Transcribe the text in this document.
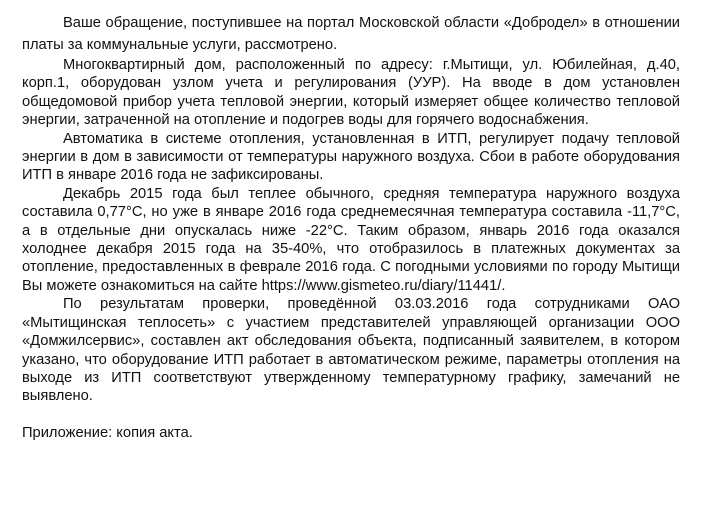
Ваше обращение, поступившее на портал Московской области «Добродел» в отношении платы за коммунальные услуги, рассмотрено.

Многоквартирный дом, расположенный по адресу: г.Мытищи, ул. Юбилейная, д.40, корп.1, оборудован узлом учета и регулирования (УУР). На вводе в дом установлен общедомовой прибор учета тепловой энергии, который измеряет общее количество тепловой энергии, затраченной на отопление и подогрев воды для горячего водоснабжения.

Автоматика в системе отопления, установленная в ИТП, регулирует подачу тепловой энергии в дом в зависимости от температуры наружного воздуха. Сбои в работе оборудования ИТП в январе 2016 года не зафиксированы.

Декабрь 2015 года был теплее обычного, средняя температура наружного воздуха составила 0,77°С, но уже в январе 2016 года среднемесячная температура составила -11,7°С, а в отдельные дни опускалась ниже -22°С. Таким образом, январь 2016 года оказался холоднее декабря 2015 года на 35-40%, что отобразилось в платежных документах за отопление, предоставленных в феврале 2016 года. С погодными условиями по городу Мытищи Вы можете ознакомиться на сайте https://www.gismeteo.ru/diary/11441/.

По результатам проверки, проведённой 03.03.2016 года сотрудниками ОАО «Мытищинская теплосеть» с участием представителей управляющей организации ООО «Домжилсервис», составлен акт обследования объекта, подписанный заявителем, в котором указано, что оборудование ИТП работает в автоматическом режиме, параметры отопления на выходе из ИТП соответствуют утвержденному температурному графику, замечаний не выявлено.

Приложение: копия акта.
